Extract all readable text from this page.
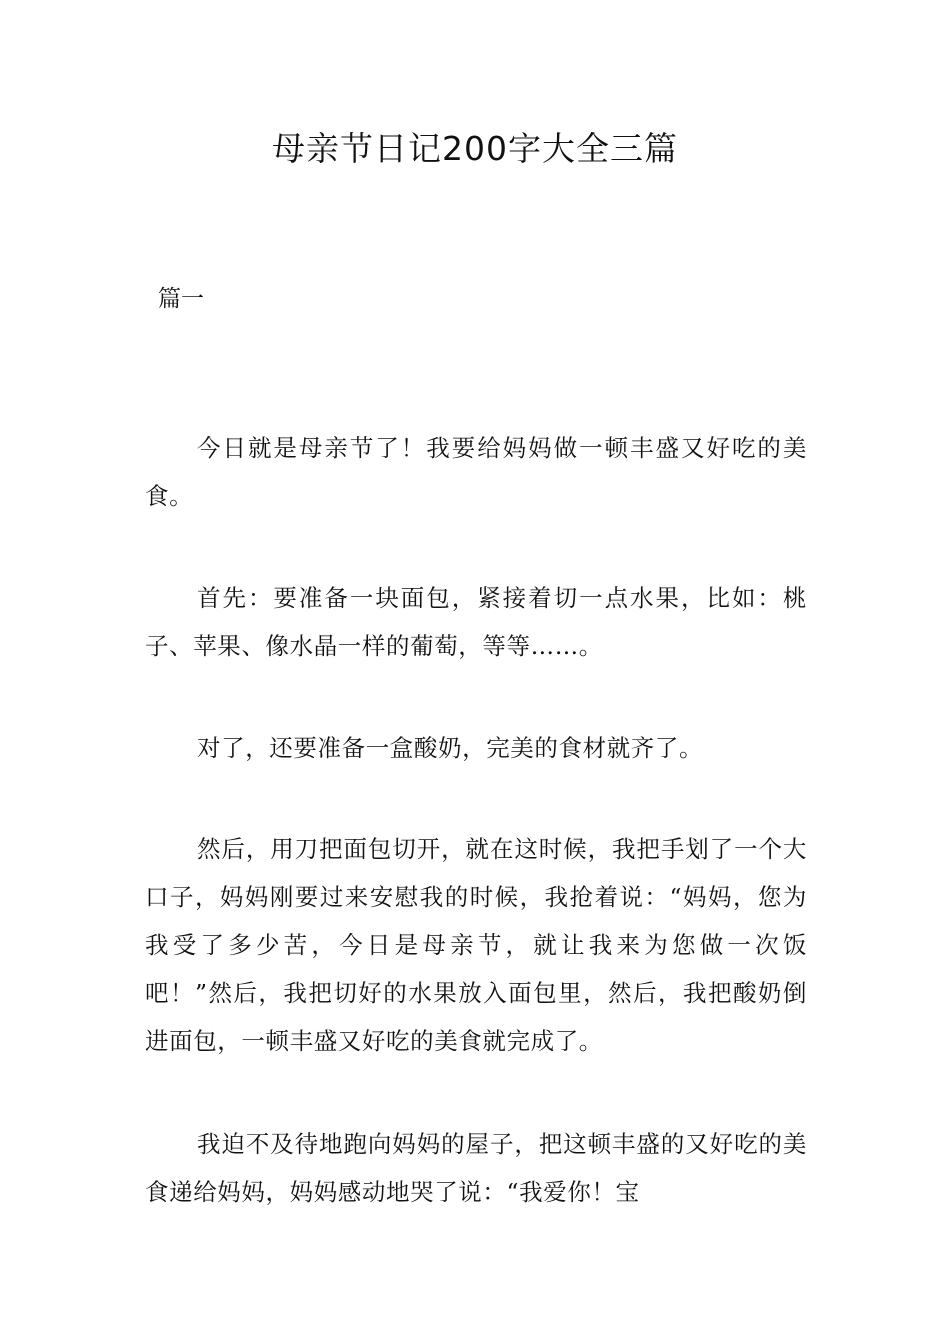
母亲节日记200字大全三篇
篇一

今日就是母亲节了！我要给妈妈做一顿丰盛又好吃的美食。

首先：要准备一块面包，紧接着切一点水果，比如：桃子、苹果、像水晶一样的葡萄，等等……。

对了，还要准备一盒酸奶，完美的食材就齐了。

然后，用刀把面包切开，就在这时候，我把手划了一个大口子，妈妈刚要过来安慰我的时候，我抢着说：“妈妈，您为我受了多少苦，今日是母亲节，就让我来为您做一次饭吧！”然后，我把切好的水果放入面包里，然后，我把酸奶倒进面包，一顿丰盛又好吃的美食就完成了。

我迫不及待地跑向妈妈的屋子，把这顿丰盛的又好吃的美食递给妈妈，妈妈感动地哭了说：“我爱你！宝
